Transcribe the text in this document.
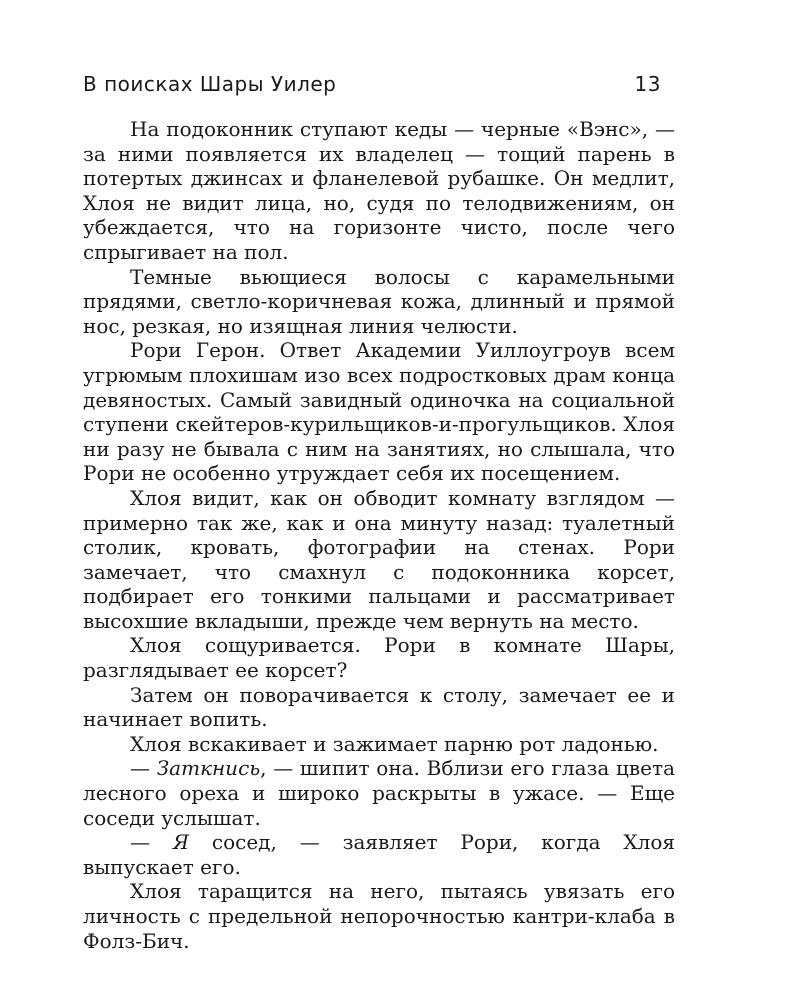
В поисках Шары Уилер	13

На подоконник ступают кеды — черные «Вэнс», — за ними появляется их владелец — тощий парень в потертых джинсах и фланелевой рубашке. Он медлит, Хлоя не видит лица, но, судя по телодвижениям, он убеждается, что на горизонте чисто, после чего спрыгивает на пол.

Темные вьющиеся волосы с карамельными прядями, светло-коричневая кожа, длинный и прямой нос, резкая, но изящная линия челюсти.

Рори Герон. Ответ Академии Уиллоугроув всем угрюмым плохишам изо всех подростковых драм конца девяностых. Самый завидный одиночка на социальной ступени скейтеров-курильщиков-и-прогульщиков. Хлоя ни разу не бывала с ним на занятиях, но слышала, что Рори не особенно утруждает себя их посещением.

Хлоя видит, как он обводит комнату взглядом — примерно так же, как и она минуту назад: туалетный столик, кровать, фотографии на стенах. Рори замечает, что смахнул с подоконника корсет, подбирает его тонкими пальцами и рассматривает высохшие вкладыши, прежде чем вернуть на место.

Хлоя сощуривается. Рори в комнате Шары, разглядывает ее корсет?

Затем он поворачивается к столу, замечает ее и начинает вопить.

Хлоя вскакивает и зажимает парню рот ладонью.

— Заткнись, — шипит она. Вблизи его глаза цвета лесного ореха и широко раскрыты в ужасе. — Еще соседи услышат.

— Я сосед, — заявляет Рори, когда Хлоя выпускает его.

Хлоя таращится на него, пытаясь увязать его личность с предельной непорочностью кантри-клаба в Фолз-Бич.
